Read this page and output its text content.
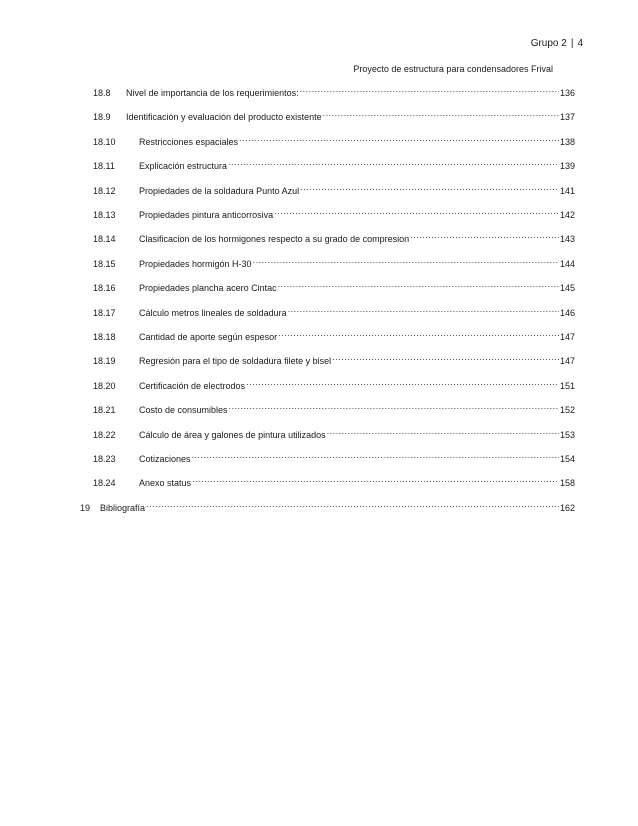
Grupo 2 | 4
Proyecto de estructura para condensadores Frival
18.8	Nivel de importancia de los requerimientos: .....	136
18.9	Identificación y evaluación del producto existente .....	137
18.10	Restricciones espaciales .....	138
18.11	Explicación estructura .....	139
18.12	Propiedades de la soldadura Punto Azul .....	141
18.13	Propiedades pintura anticorrosiva .....	142
18.14	Clasificacion de los hormigones respecto a su grado de compresion .....	143
18.15	Propiedades hormigón H-30 .....	144
18.16	Propiedades plancha acero Cintac .....	145
18.17	Cálculo metros lineales de soldadura .....	146
18.18	Cantidad de aporte según espesor .....	147
18.19	Regresión para el tipo de soldadura filete y bisel .....	147
18.20	Certificación de electrodos .....	151
18.21	Costo de consumibles .....	152
18.22	Cálculo de área y galones de pintura utilizados .....	153
18.23	Cotizaciones .....	154
18.24	Anexo status .....	158
19	Bibliografía .....	162
